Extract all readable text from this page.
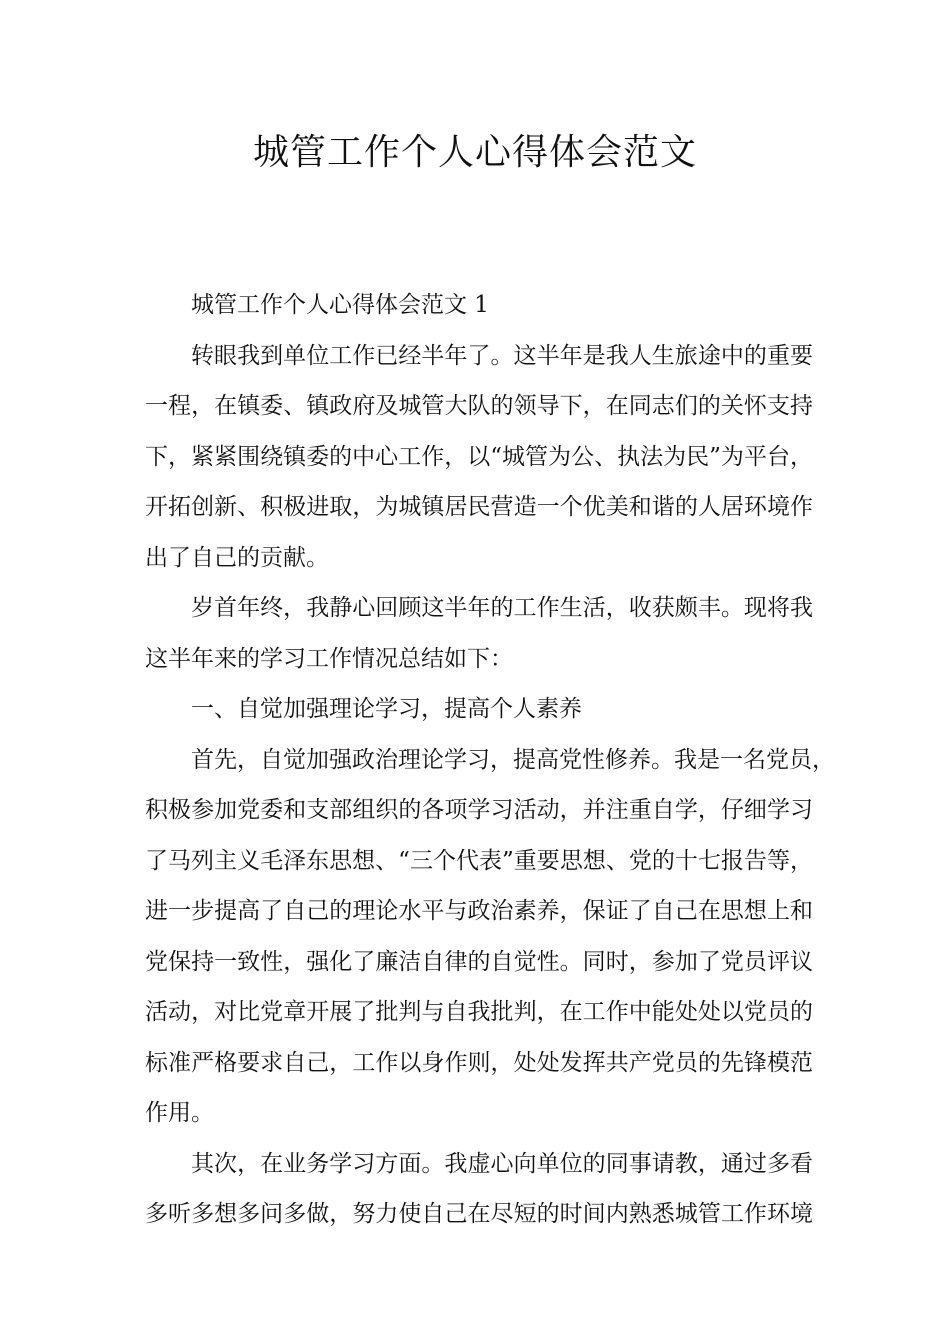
城管工作个人心得体会范文
城管工作个人心得体会范文 1
转眼我到单位工作已经半年了。这半年是我人生旅途中的重要
一程，在镇委、镇政府及城管大队的领导下，在同志们的关怀支持
下，紧紧围绕镇委的中心工作，以“城管为公、执法为民”为平台，
开拓创新、积极进取，为城镇居民营造一个优美和谐的人居环境作
出了自己的贡献。
岁首年终，我静心回顾这半年的工作生活，收获颇丰。现将我
这半年来的学习工作情况总结如下：
一、自觉加强理论学习，提高个人素养
首先，自觉加强政治理论学习，提高党性修养。我是一名党员，
积极参加党委和支部组织的各项学习活动，并注重自学，仔细学习
了马列主义毛泽东思想、“三个代表”重要思想、党的十七报告等，
进一步提高了自己的理论水平与政治素养，保证了自己在思想上和
党保持一致性，强化了廉洁自律的自觉性。同时，参加了党员评议
活动，对比党章开展了批判与自我批判，在工作中能处处以党员的
标准严格要求自己，工作以身作则，处处发挥共产党员的先锋模范
作用。
其次，在业务学习方面。我虚心向单位的同事请教，通过多看
多听多想多问多做，努力使自己在尽短的时间内熟悉城管工作环境
